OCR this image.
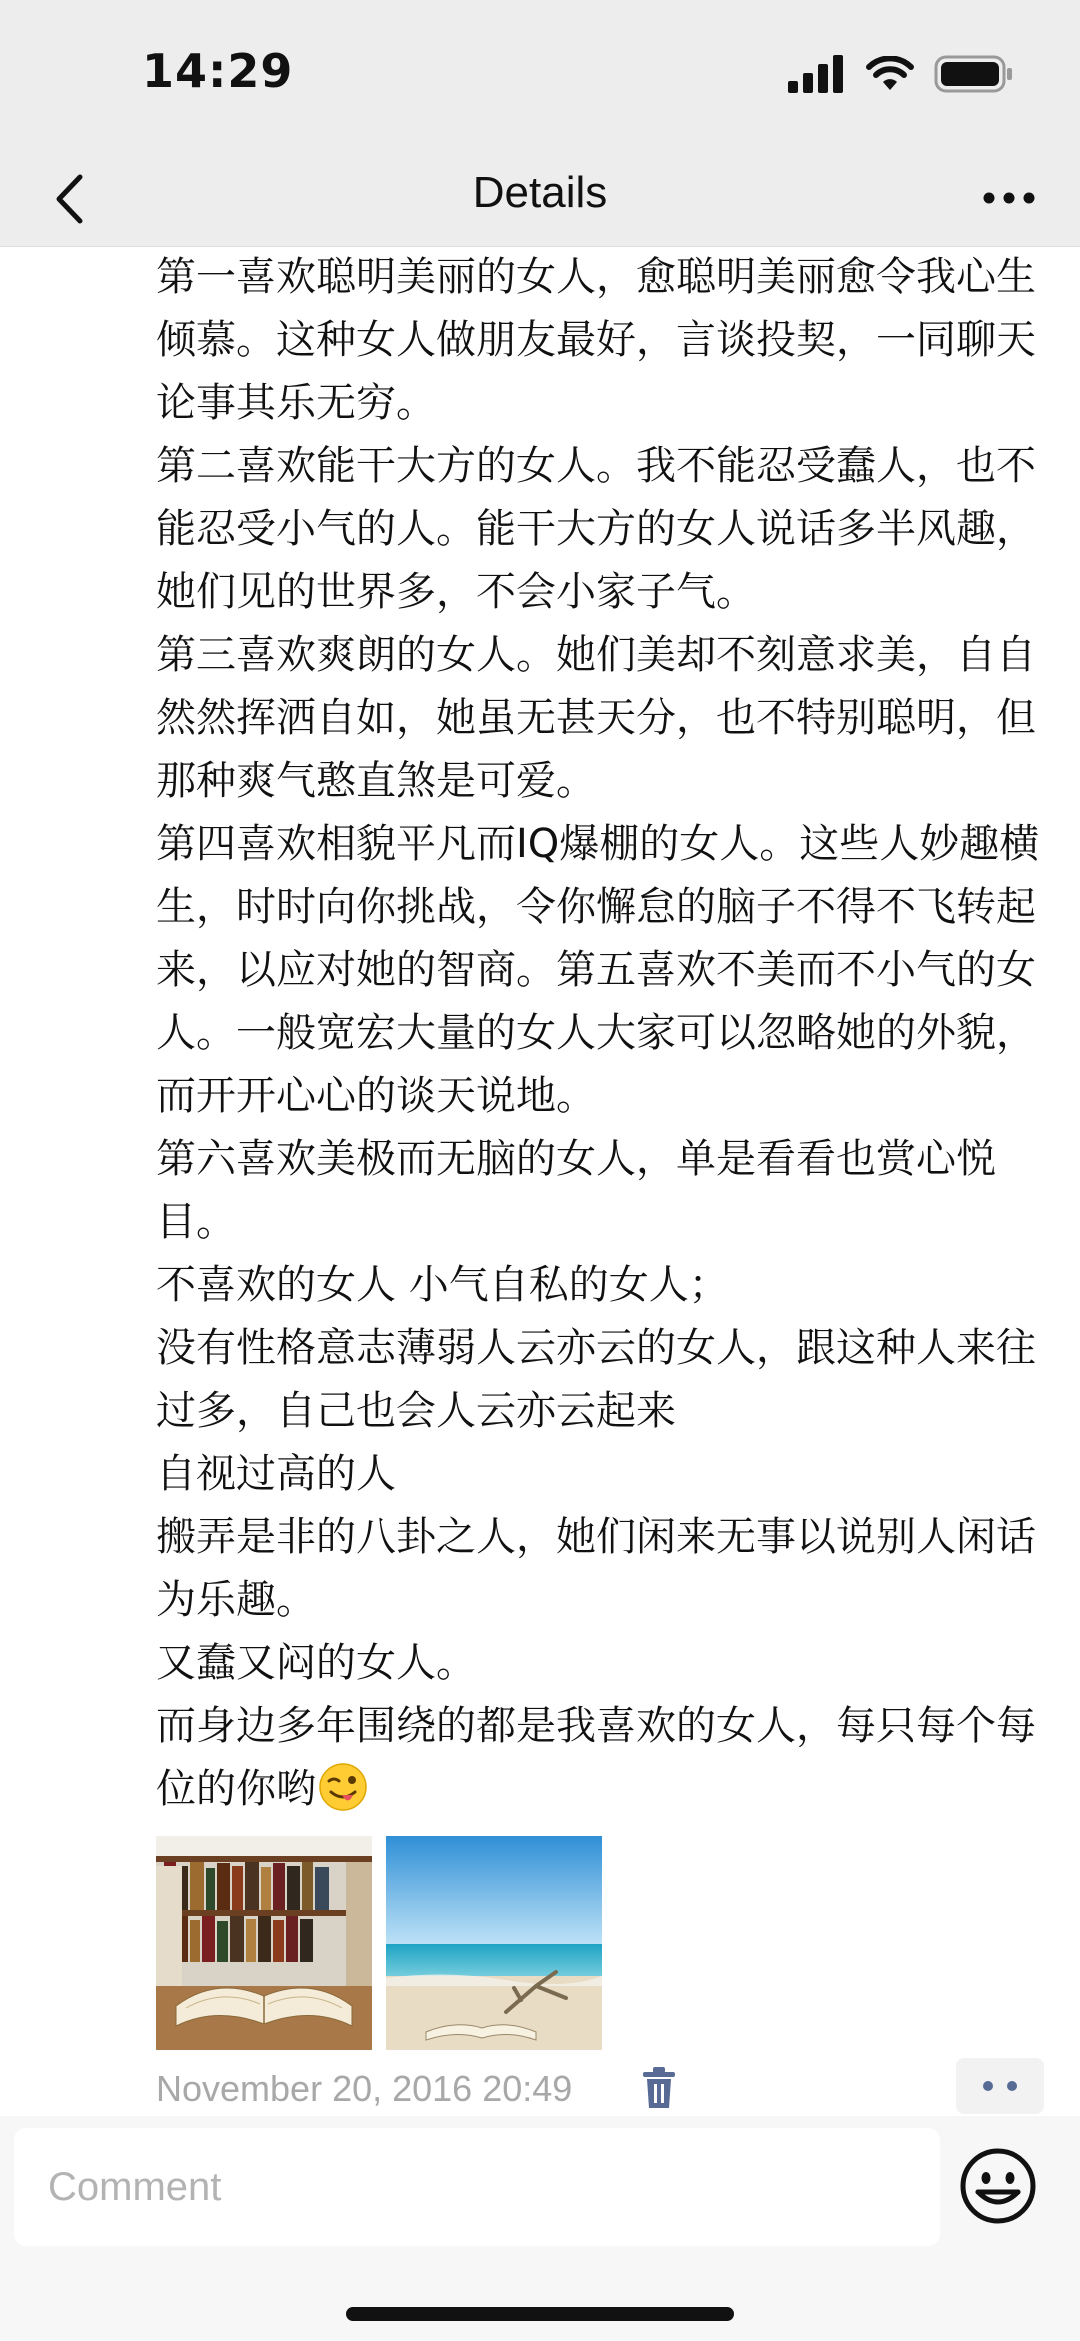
14:29
Details

第一喜欢聪明美丽的女人，愈聪明美丽愈令我心生倾慕。这种女人做朋友最好，言谈投契，一同聊天论事其乐无穷。

第二喜欢能干大方的女人。我不能忍受蠢人，也不能忍受小气的人。能干大方的女人说话多半风趣，她们见的世界多，不会小家子气。

第三喜欢爽朗的女人。她们美却不刻意求美，自自然然挥洒自如，她虽无甚天分，也不特别聪明，但那种爽气憨直煞是可爱。

第四喜欢相貌平凡而IQ爆棚的女人。这些人妙趣横生，时时向你挑战，令你懈怠的脑子不得不飞转起来，以应对她的智商。第五喜欢不美而不小气的女人。一般宽宏大量的女人大家可以忽略她的外貌，而开开心心的谈天说地。

第六喜欢美极而无脑的女人，单是看看也赏心悦目。

不喜欢的女人 小气自私的女人；

没有性格意志薄弱人云亦云的女人，跟这种人来往过多，自己也会人云亦云起来

自视过高的人

搬弄是非的八卦之人，她们闲来无事以说别人闲话为乐趣。

又蠢又闷的女人。

而身边多年围绕的都是我喜欢的女人，每只每个每位的你哟

November 20, 2016 20:49
Comment
